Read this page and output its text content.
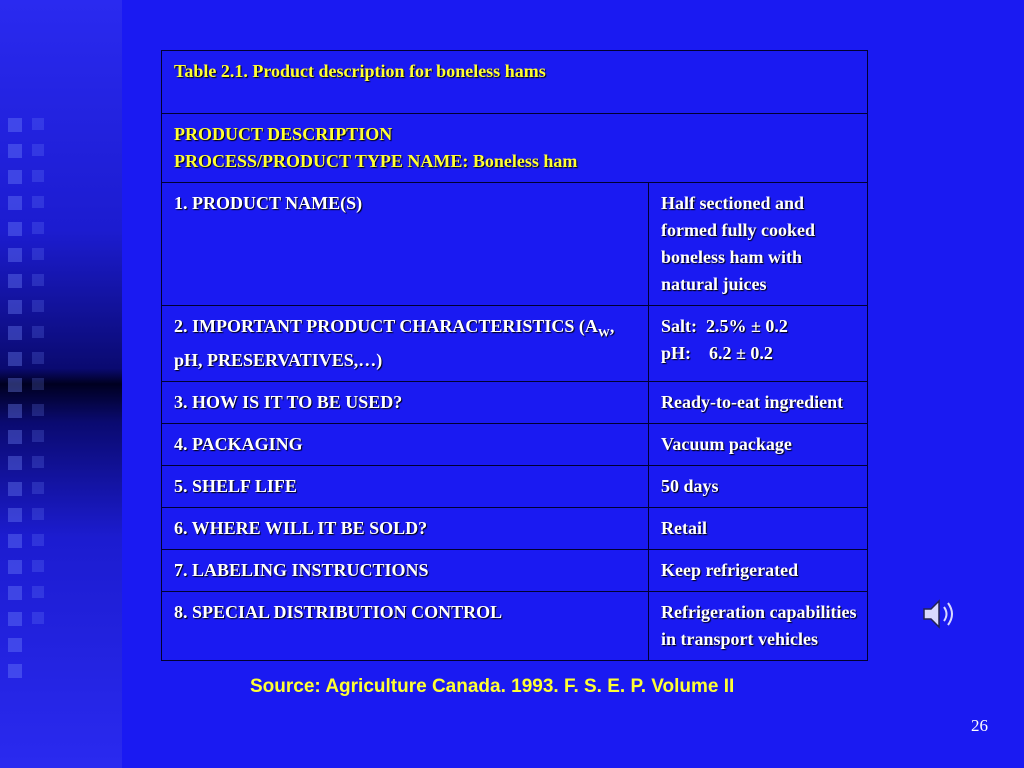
Table 2.1. Product description for boneless hams	

PRODUCT DESCRIPTION
PROCESS/PRODUCT TYPE NAME: Boneless ham	

1. PRODUCT NAME(S)	Half sectioned and formed fully cooked boneless ham with natural juices
2. IMPORTANT PRODUCT CHARACTERISTICS ($A_W$, pH, PRESERVATIVES,…)	Salt:  2.5% ± 0.2
pH:    6.2 ± 0.2

3. HOW IS IT TO BE USED?	Ready-to-eat ingredient
4. PACKAGING	Vacuum package
5. SHELF LIFE	50 days
6. WHERE WILL IT BE SOLD?	Retail
7. LABELING INSTRUCTIONS	Keep refrigerated
8. SPECIAL DISTRIBUTION CONTROL	Refrigeration capabilities in transport vehicles
Source: Agriculture Canada. 1993. F. S. E. P. Volume II
26
